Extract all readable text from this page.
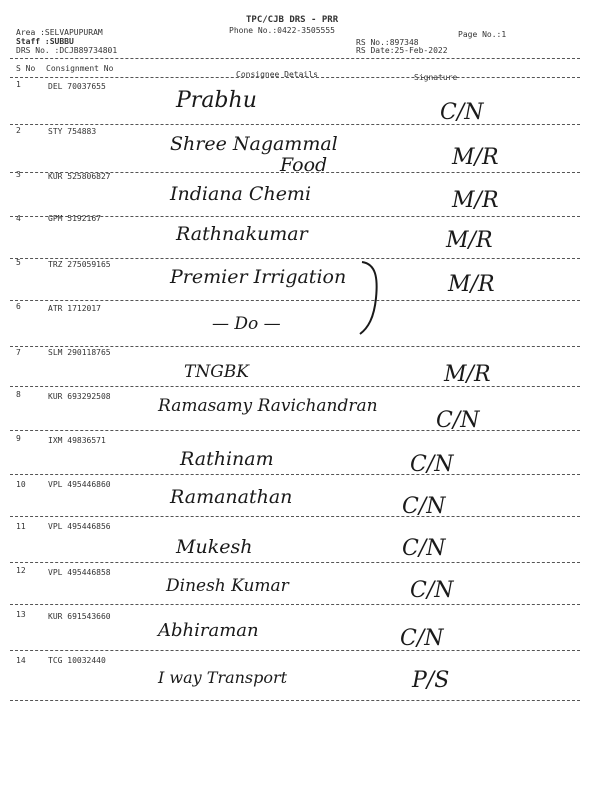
TPC/CJB DRS - PRR
Phone No.:0422-3505555
Area :SELVAPUPURAM
Staff :SUBBU
DRS No. :DCJB89734801
Page No.:1
RS No.:897348
RS Date:25-Feb-2022
S No Consignment No
Consignee Details	Signature
1	DEL 70037655
Prabhu	C/N
2	STY 754883
Shree Nagammal
Food	M/R
3	KUR 525806827
Indiana Chemi	M/R
4	GPM 5192167
Rathnakumar	M/R
5	TRZ 275059165
Premier Irrigation	M/R
6	ATR 1712017
— Do —
7	SLM 290118765
TNGBK	M/R
8	KUR 693292508	Ramasamy Ravichandran
C/N
9	IXM 49836571
Rathinam	C/N
10	VPL 495446860
Ramanathan	C/N
11	VPL 495446856
Mukesh	C/N
12	VPL 495446858
Dinesh Kumar	C/N
13	KUR 691543660
Abhiraman	C/N
14	TCG 10032440
I way Transport	P/S
